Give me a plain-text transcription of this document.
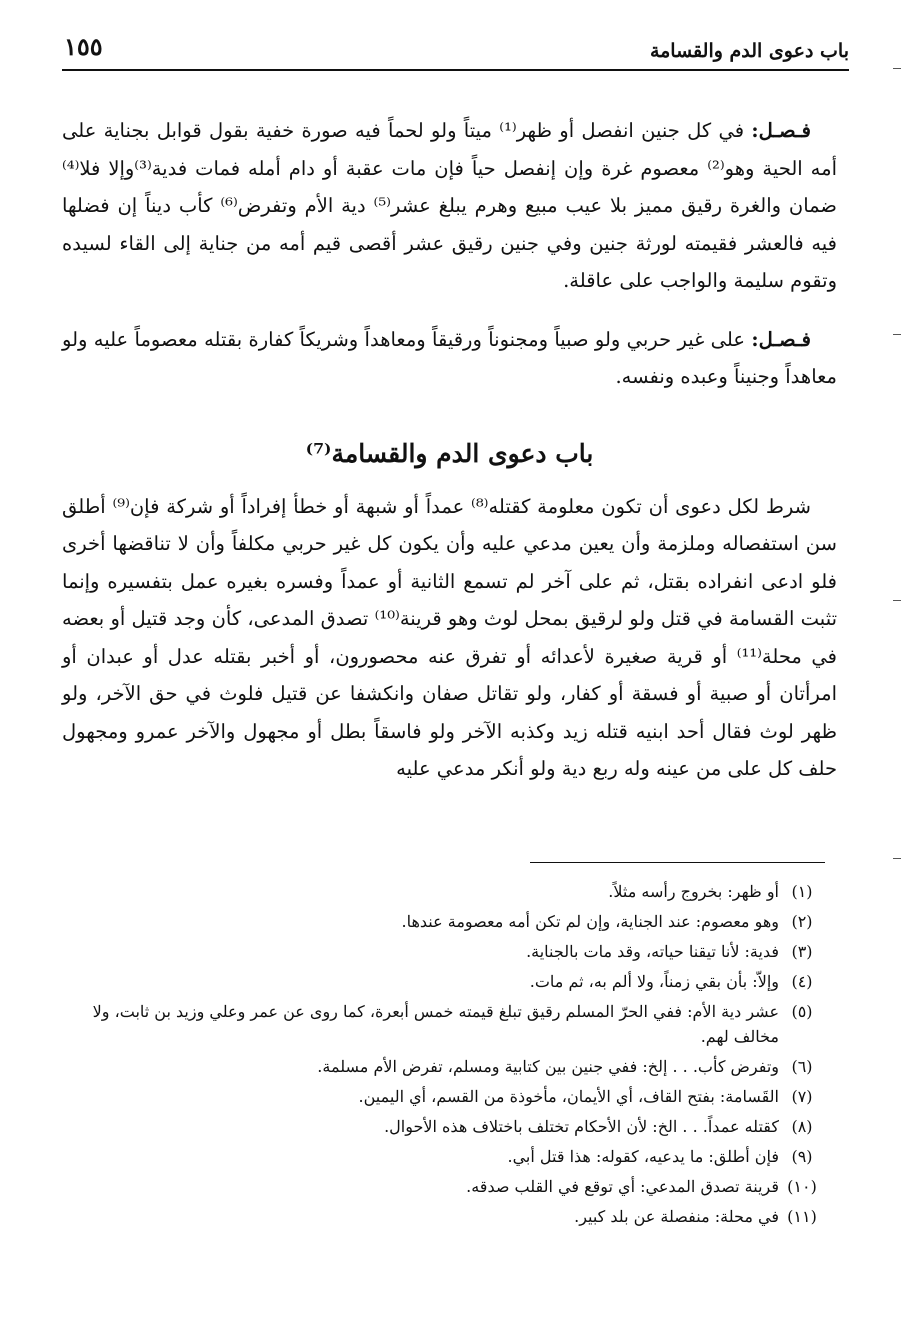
باب دعوى الدم والقسامة
١٥٥

فـصـل: في كل جنين انفصل أو ظهر⁽¹⁾ ميتاً ولو لحماً فيه صورة خفية بقول قوابل بجناية على أمه الحية وهو⁽²⁾ معصوم غرة وإن إنفصل حياً فإن مات عقبة أو دام أمله فمات فدية⁽³⁾وإلا فلا⁽⁴⁾ ضمان والغرة رقيق مميز بلا عيب مبيع وهرم يبلغ عشر⁽⁵⁾ دية الأم وتفرض⁽⁶⁾ كأب ديناً إن فضلها فيه فالعشر فقيمته لورثة جنين وفي جنين رقيق عشر أقصى قيم أمه من جناية إلى القاء لسيده وتقوم سليمة والواجب على عاقلة.

فـصـل: على غير حربي ولو صبياً ومجنوناً ورقيقاً ومعاهداً وشريكاً كفارة بقتله معصوماً عليه ولو معاهداً وجنيناً وعبده ونفسه.

باب دعوى الدم والقسامة⁽⁷⁾

شرط لكل دعوى أن تكون معلومة كقتله⁽⁸⁾ عمداً أو شبهة أو خطأ إفراداً أو شركة فإن⁽⁹⁾ أطلق سن استفصاله وملزمة وأن يعين مدعي عليه وأن يكون كل غير حربي مكلفاً وأن لا تناقضها أخرى فلو ادعى انفراده بقتل، ثم على آخر لم تسمع الثانية أو عمداً وفسره بغيره عمل بتفسيره وإنما تثبت القسامة في قتل ولو لرقيق بمحل لوث وهو قرينة⁽¹⁰⁾ تصدق المدعى، كأن وجد قتيل أو بعضه في محلة⁽¹¹⁾ أو قرية صغيرة لأعدائه أو تفرق عنه محصورون، أو أخبر بقتله عدل أو عبدان أو امرأتان أو صبية أو فسقة أو كفار، ولو تقاتل صفان وانكشفا عن قتيل فلوث في حق الآخر، ولو ظهر لوث فقال أحد ابنيه قتله زيد وكذبه الآخر ولو فاسقاً بطل أو مجهول والآخر عمرو ومجهول حلف كل على من عينه وله ربع دية ولو أنكر مدعي عليه

(١)
أو ظهر: بخروج رأسه مثلاً.
(٢)
وهو معصوم: عند الجناية، وإن لم تكن أمه معصومة عندها.
(٣)
فدية: لأنا تيقنا حياته، وقد مات بالجناية.
(٤)
وإلاّ: بأن بقي زمناً، ولا ألم به، ثم مات.
(٥)
عشر دية الأم: ففي الحرّ المسلم رقيق تبلغ قيمته خمس أبعرة، كما روى عن عمر وعلي وزيد بن ثابت، ولا مخالف لهم.
(٦)
وتفرض كأب. . . إلخ: ففي جنين بين كتابية ومسلم، تفرض الأم مسلمة.
(٧)
القَسامة: بفتح القاف، أي الأيمان، مأخوذة من القسم، أي اليمين.
(٨)
كقتله عمداً. . . الخ: لأن الأحكام تختلف باختلاف هذه الأحوال.
(٩)
فإن أطلق: ما يدعيه، كقوله: هذا قتل أبي.
(١٠)
قرينة تصدق المدعي: أي توقع في القلب صدقه.
(١١)
في محلة: منفصلة عن بلد كبير.
